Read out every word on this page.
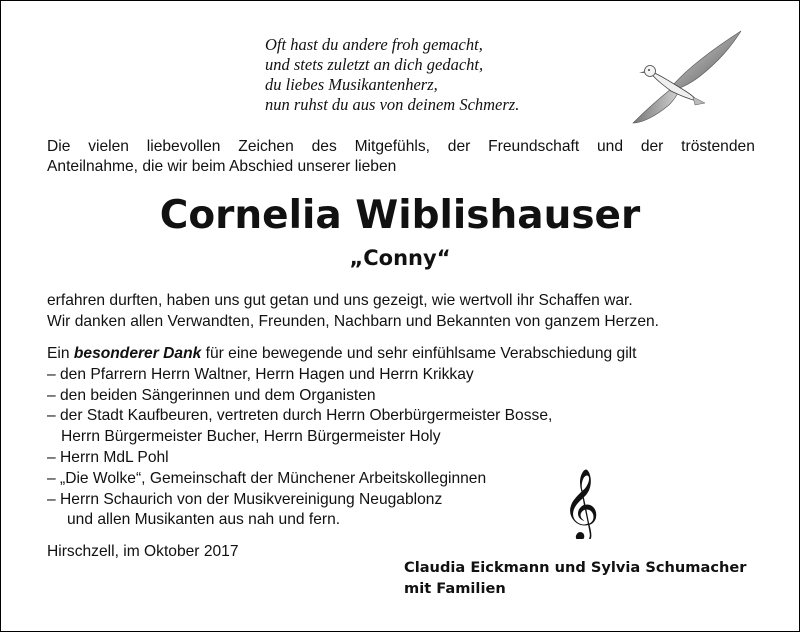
Oft hast du andere froh gemacht,
und stets zuletzt an dich gedacht,
du liebes Musikantenherz,
nun ruhst du aus von deinem Schmerz.
Die vielen liebevollen Zeichen des Mitgefühls, der Freundschaft und der tröstenden
Anteilnahme, die wir beim Abschied unserer lieben
Cornelia Wiblishauser
„Conny“
erfahren durften, haben uns gut getan und uns gezeigt, wie wertvoll ihr Schaffen war.
Wir danken allen Verwandten, Freunden, Nachbarn und Bekannten von ganzem Herzen.
Ein besonderer Dank für eine bewegende und sehr einfühlsame Verabschiedung gilt
– den Pfarrern Herrn Waltner, Herrn Hagen und Herrn Krikkay
– den beiden Sängerinnen und dem Organisten
– der Stadt Kaufbeuren, vertreten durch Herrn Oberbürgermeister Bosse,
Herrn Bürgermeister Bucher, Herrn Bürgermeister Holy
– Herrn MdL Pohl
– „Die Wolke“, Gemeinschaft der Münchener Arbeitskolleginnen
– Herrn Schaurich von der Musikvereinigung Neugablonz
und allen Musikanten aus nah und fern.	𝄞
Hirschzell, im Oktober 2017
Claudia Eickmann und Sylvia Schumacher
mit Familien
